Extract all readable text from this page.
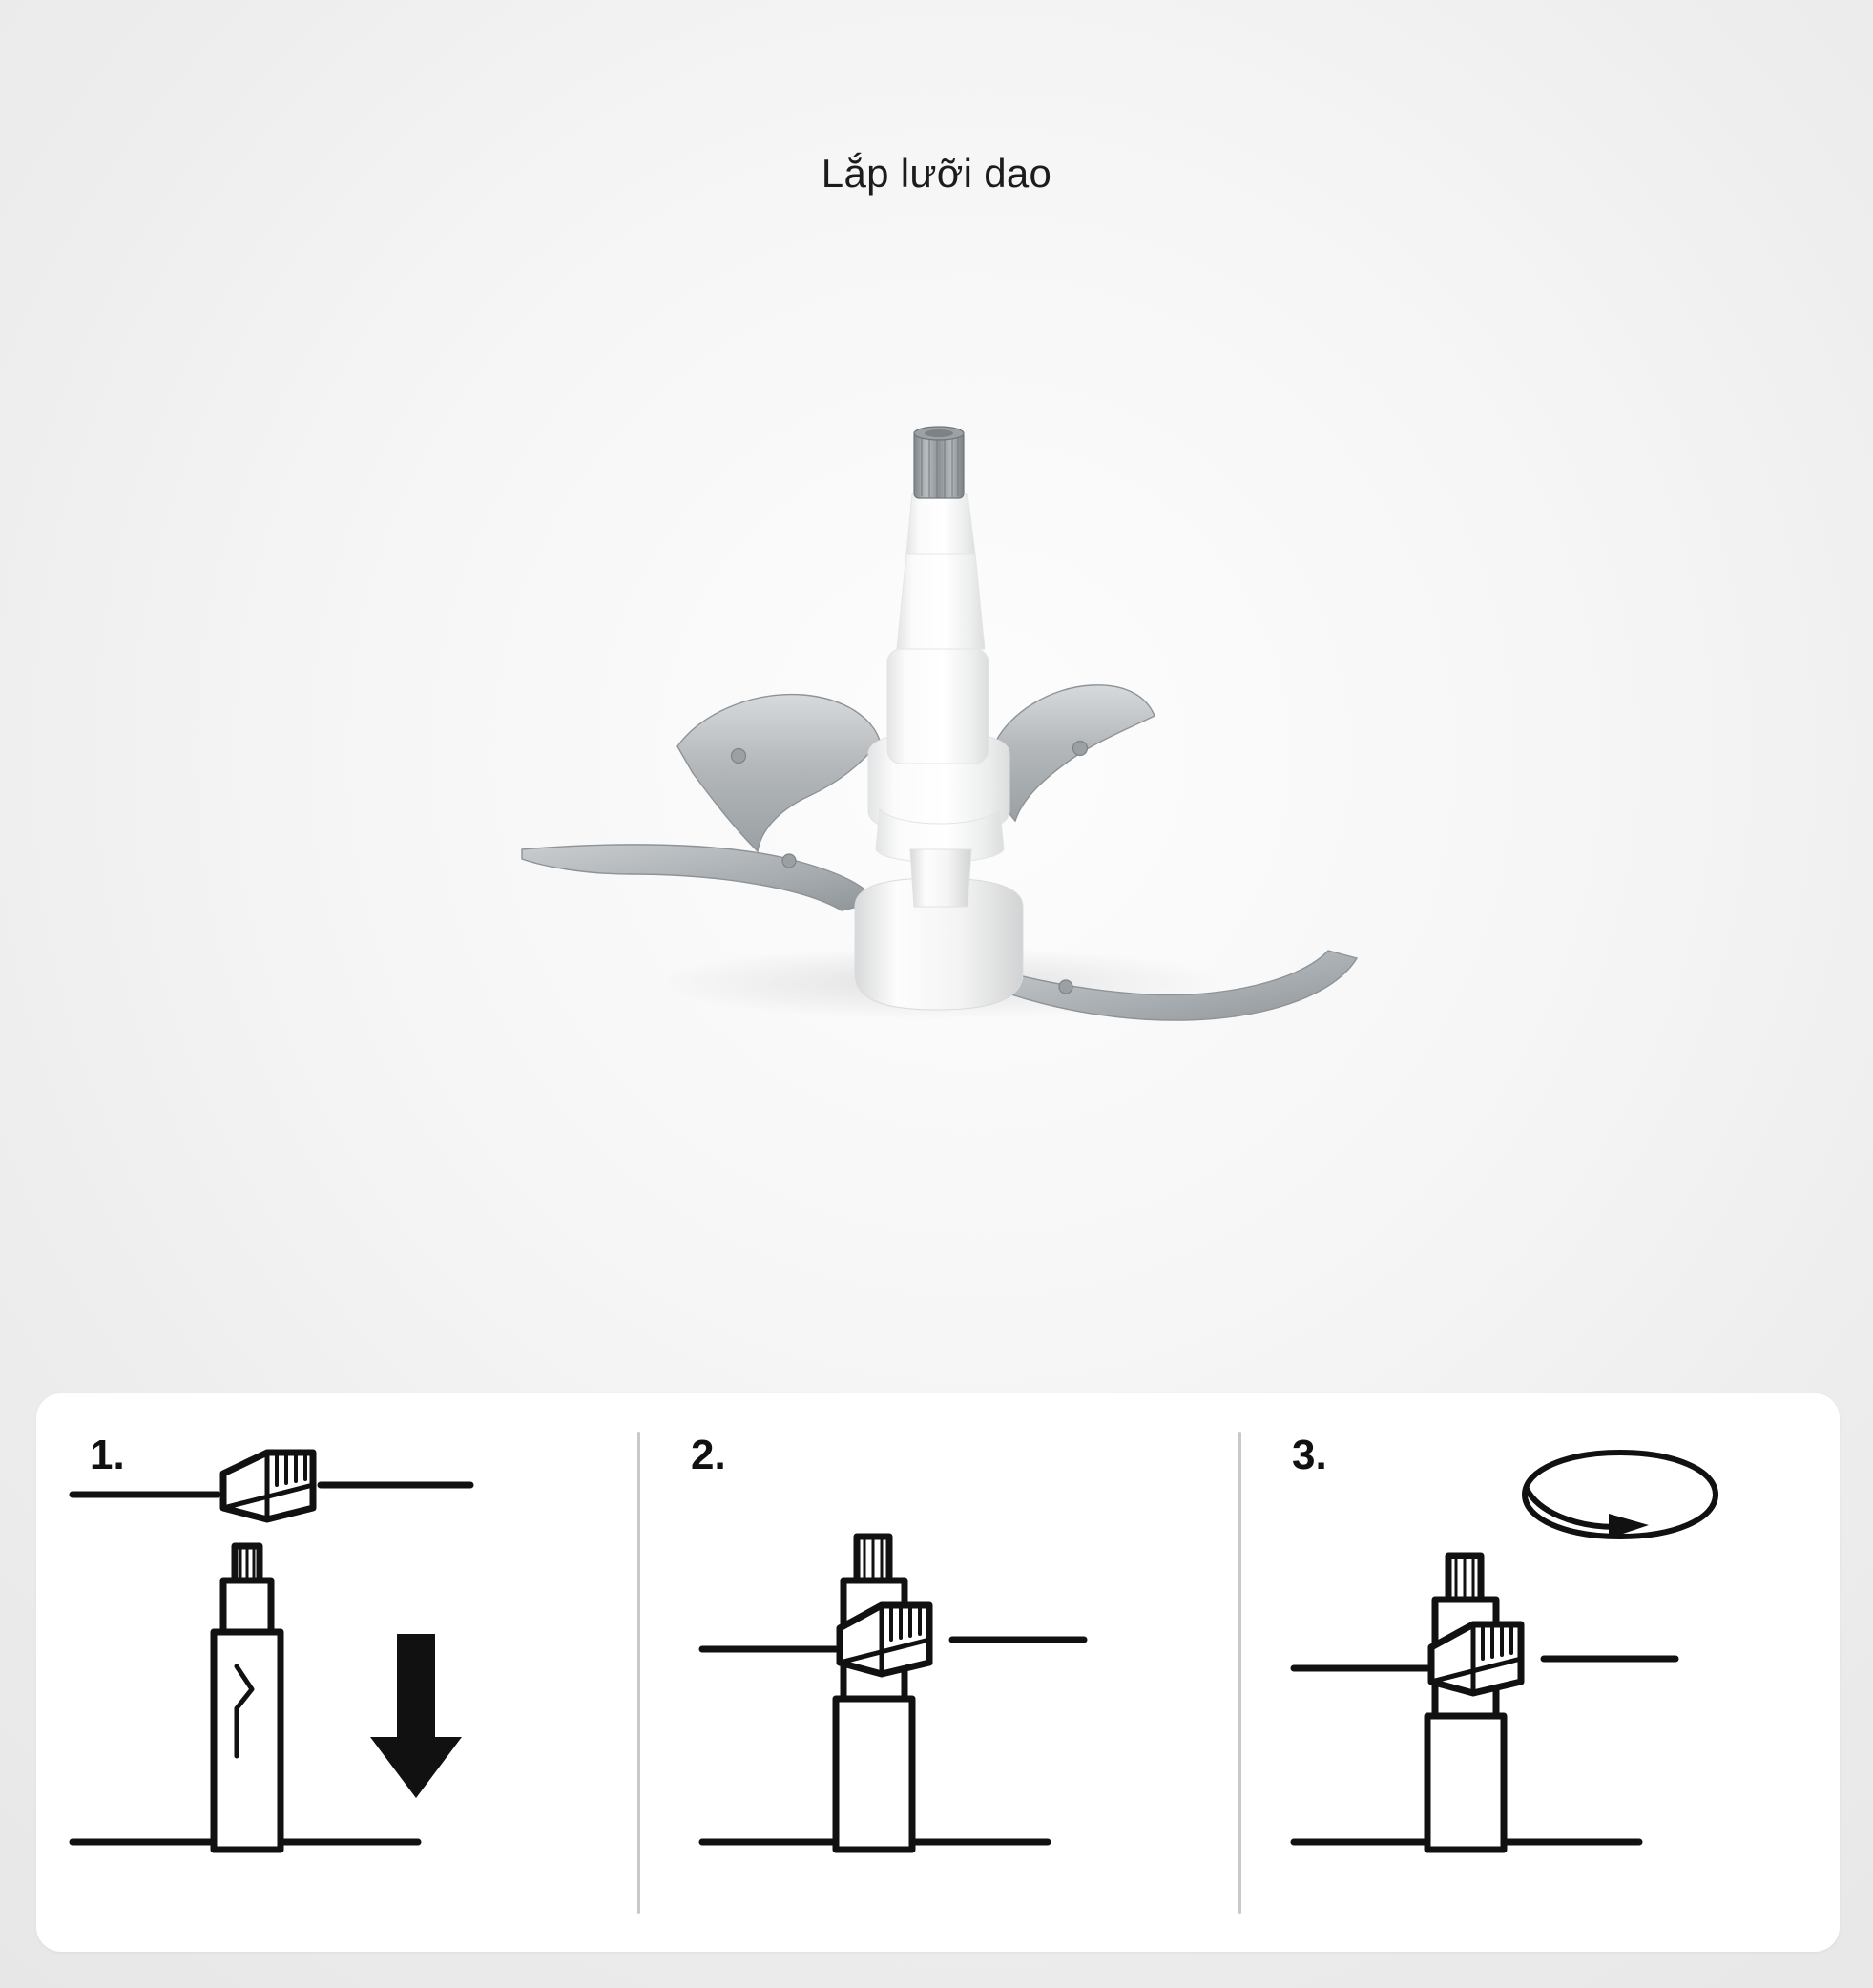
Lắp lưỡi dao
1.	2.	3.
